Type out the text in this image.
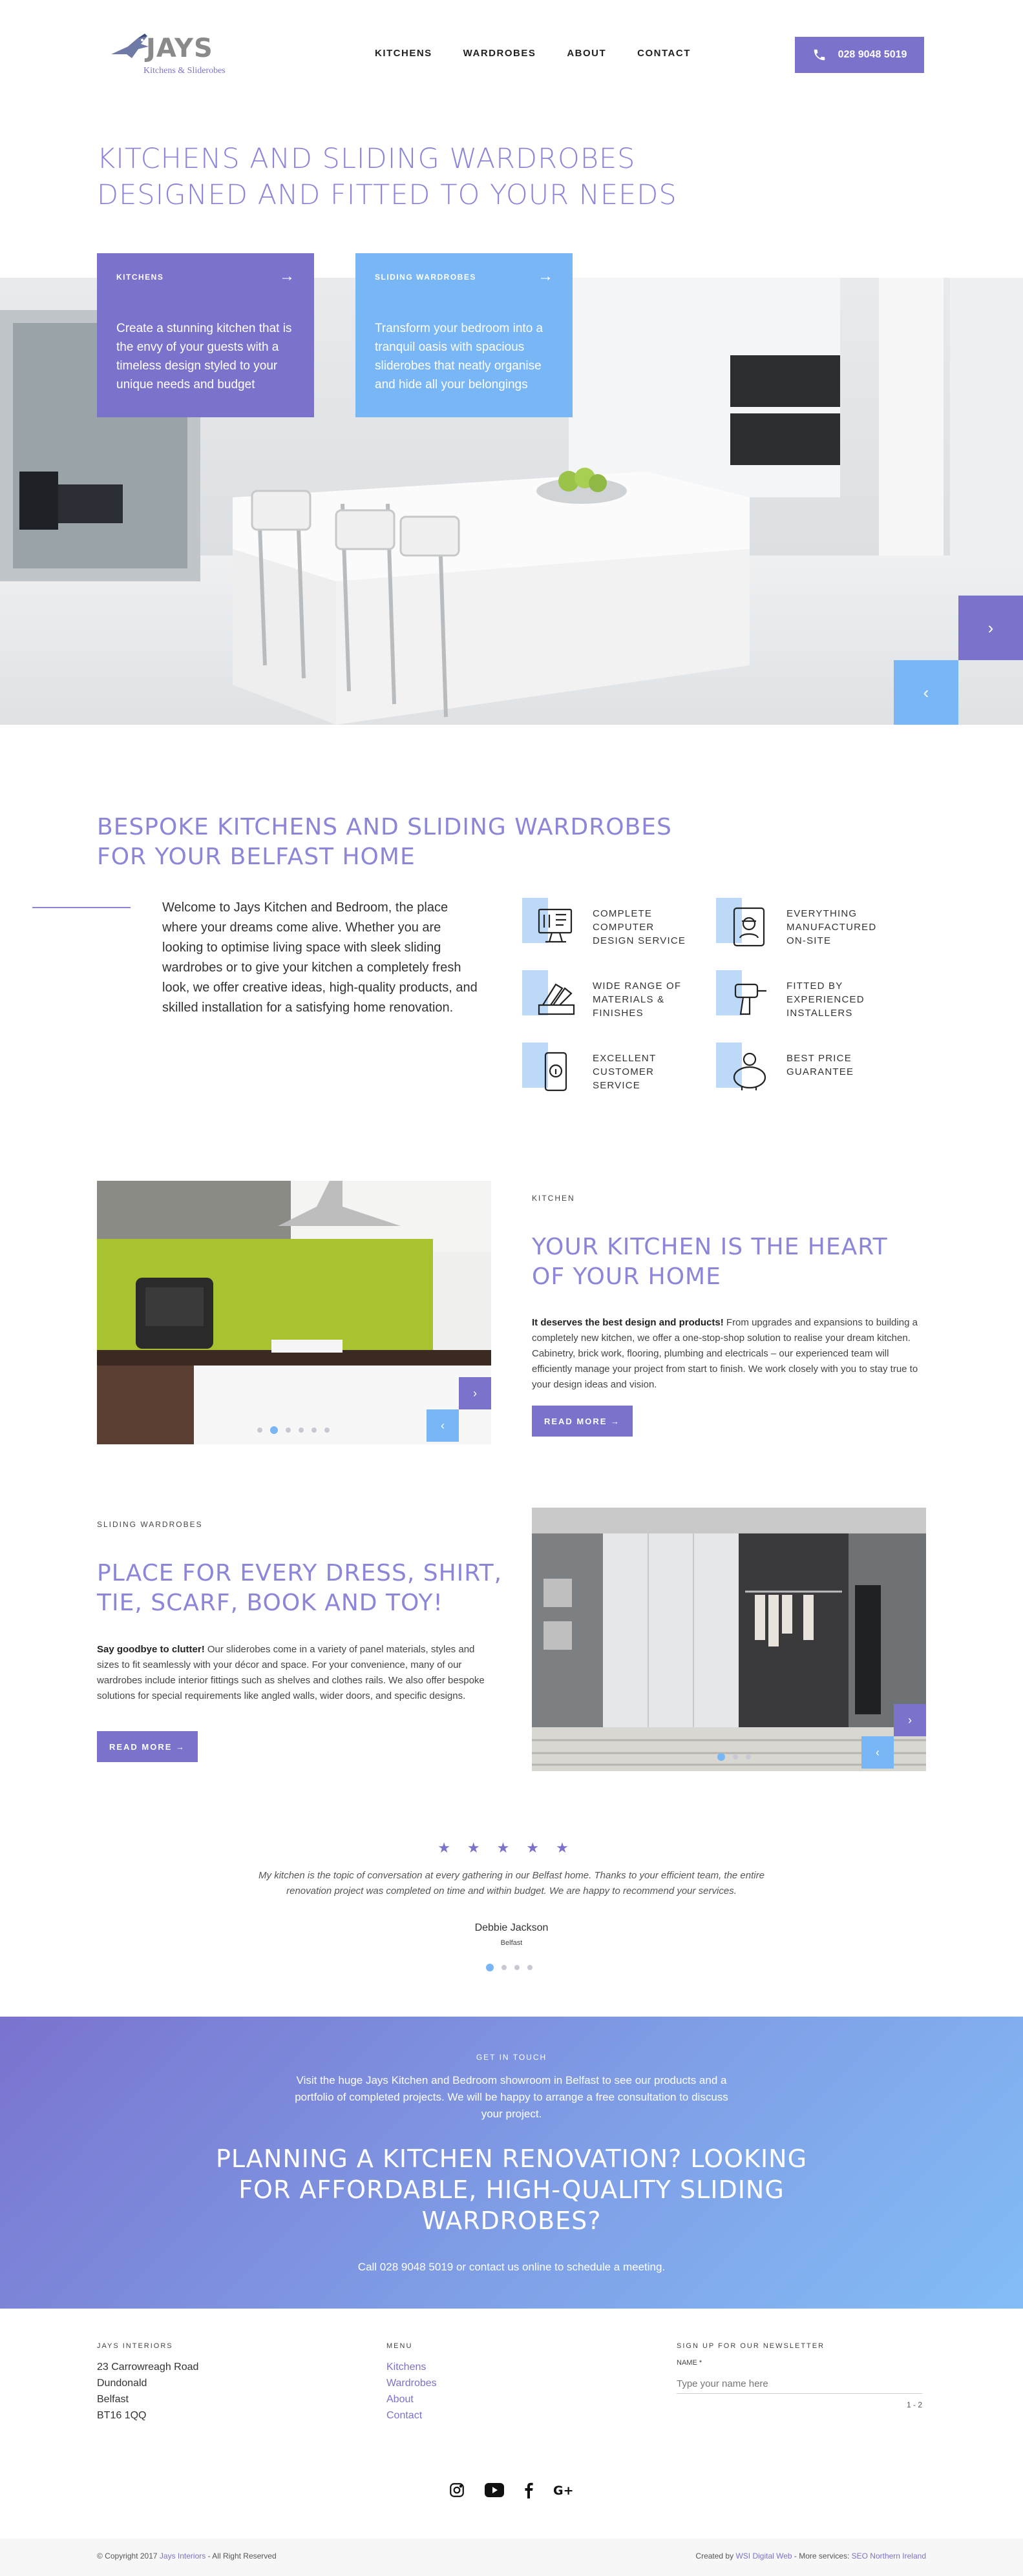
JAYS
Kitchens & Sliderobes
KITCHENS	WARDROBES	ABOUT	CONTACT	028 9048 5019
KITCHENS AND SLIDING WARDROBES
DESIGNED AND FITTED TO YOUR NEEDS
KITCHENS	→
Create a stunning kitchen that is the envy of your guests with a timeless design styled to your unique needs and budget
SLIDING WARDROBES	→
Transform your bedroom into a tranquil oasis with spacious sliderobes that neatly organise and hide all your belongings
›
‹
BESPOKE KITCHENS AND SLIDING WARDROBES
FOR YOUR BELFAST HOME
Welcome to Jays Kitchen and Bedroom, the place where your dreams come alive. Whether you are looking to optimise living space with sleek sliding wardrobes or to give your kitchen a completely fresh look, we offer creative ideas, high-quality products, and skilled installation for a satisfying home renovation.
COMPLETE
COMPUTER
DESIGN SERVICE
EVERYTHING
MANUFACTURED
ON-SITE
WIDE RANGE OF
MATERIALS &
FINISHES
FITTED BY
EXPERIENCED
INSTALLERS
EXCELLENT
CUSTOMER
SERVICE
BEST PRICE
GUARANTEE
›
‹
KITCHEN
YOUR KITCHEN IS THE HEART
OF YOUR HOME
It deserves the best design and products! From upgrades and expansions to building a completely new kitchen, we offer a one-stop-shop solution to realise your dream kitchen. Cabinetry, brick work, flooring, plumbing and electricals – our experienced team will efficiently manage your project from start to finish. We work closely with you to stay true to your design ideas and vision.
READ MORE →
SLIDING WARDROBES
PLACE FOR EVERY DRESS, SHIRT,
TIE, SCARF, BOOK AND TOY!
Say goodbye to clutter! Our sliderobes come in a variety of panel materials, styles and sizes to fit seamlessly with your décor and space. For your convenience, many of our wardrobes include interior fittings such as shelves and clothes rails. We also offer bespoke solutions for special requirements like angled walls, wider doors, and specific designs.
READ MORE →
›
‹
★★★★★
My kitchen is the topic of conversation at every gathering in our Belfast home. Thanks to your efficient team, the entire renovation project was completed on time and within budget. We are happy to recommend your services.
Debbie Jackson
Belfast
GET IN TOUCH
Visit the huge Jays Kitchen and Bedroom showroom in Belfast to see our products and a portfolio of completed projects. We will be happy to arrange a free consultation to discuss your project.
PLANNING A KITCHEN RENOVATION? LOOKING FOR AFFORDABLE, HIGH-QUALITY SLIDING WARDROBES?
Call 028 9048 5019 or contact us online to schedule a meeting.
JAYS INTERIORS
23 Carrowreagh Road
Dundonald
Belfast
BT16 1QQ
MENU
Kitchens
Wardrobes
About
Contact
SIGN UP FOR OUR NEWSLETTER
NAME *
Type your name here
1 - 2
G+
© Copyright 2017 Jays Interiors - All Right Reserved	Created by WSI Digital Web - More services: SEO Northern Ireland
